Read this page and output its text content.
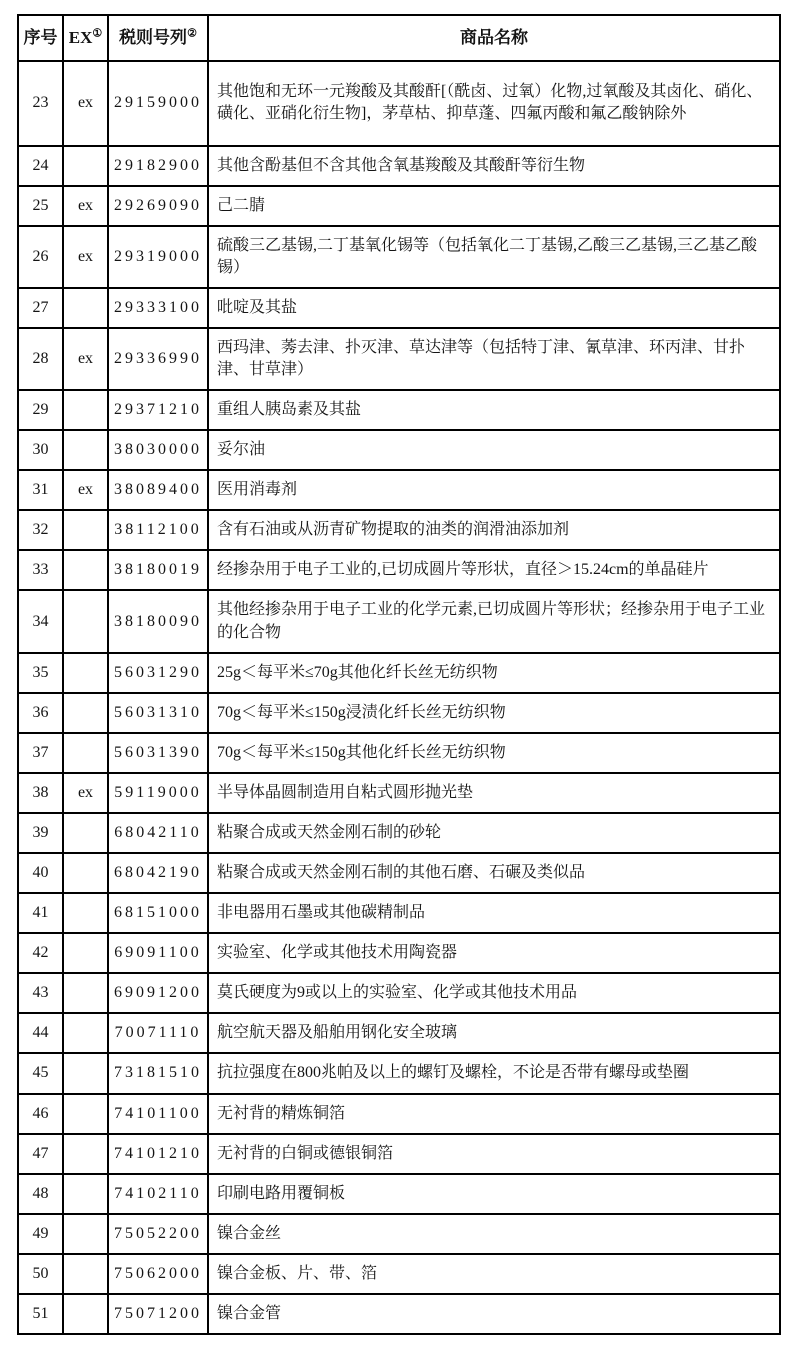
序号	EX①	税则号列②	商品名称
23	ex	29159000	其他饱和无环一元羧酸及其酸酐[（酰卤、过氧）化物,过氧酸及其卤化、硝化、磺化、亚硝化衍生物]，茅草枯、抑草蓬、四氟丙酸和氟乙酸钠除外
24		29182900	其他含酚基但不含其他含氧基羧酸及其酸酐等衍生物
25	ex	29269090	己二腈
26	ex	29319000	硫酸三乙基锡,二丁基氧化锡等（包括氧化二丁基锡,乙酸三乙基锡,三乙基乙酸锡）
27		29333100	吡啶及其盐
28	ex	29336990	西玛津、莠去津、扑灭津、草达津等（包括特丁津、氰草津、环丙津、甘扑津、甘草津）
29		29371210	重组人胰岛素及其盐
30		38030000	妥尔油
31	ex	38089400	医用消毒剂
32		38112100	含有石油或从沥青矿物提取的油类的润滑油添加剂
33		38180019	经掺杂用于电子工业的,已切成圆片等形状，直径＞15.24cm的单晶硅片
34		38180090	其他经掺杂用于电子工业的化学元素,已切成圆片等形状；经掺杂用于电子工业的化合物
35		56031290	25g＜每平米≤70g其他化纤长丝无纺织物
36		56031310	70g＜每平米≤150g浸渍化纤长丝无纺织物
37		56031390	70g＜每平米≤150g其他化纤长丝无纺织物
38	ex	59119000	半导体晶圆制造用自粘式圆形抛光垫
39		68042110	粘聚合成或天然金刚石制的砂轮
40		68042190	粘聚合成或天然金刚石制的其他石磨、石碾及类似品
41		68151000	非电器用石墨或其他碳精制品
42		69091100	实验室、化学或其他技术用陶瓷器
43		69091200	莫氏硬度为9或以上的实验室、化学或其他技术用品
44		70071110	航空航天器及船舶用钢化安全玻璃
45		73181510	抗拉强度在800兆帕及以上的螺钉及螺栓，不论是否带有螺母或垫圈
46		74101100	无衬背的精炼铜箔
47		74101210	无衬背的白铜或德银铜箔
48		74102110	印刷电路用覆铜板
49		75052200	镍合金丝
50		75062000	镍合金板、片、带、箔
51		75071200	镍合金管
